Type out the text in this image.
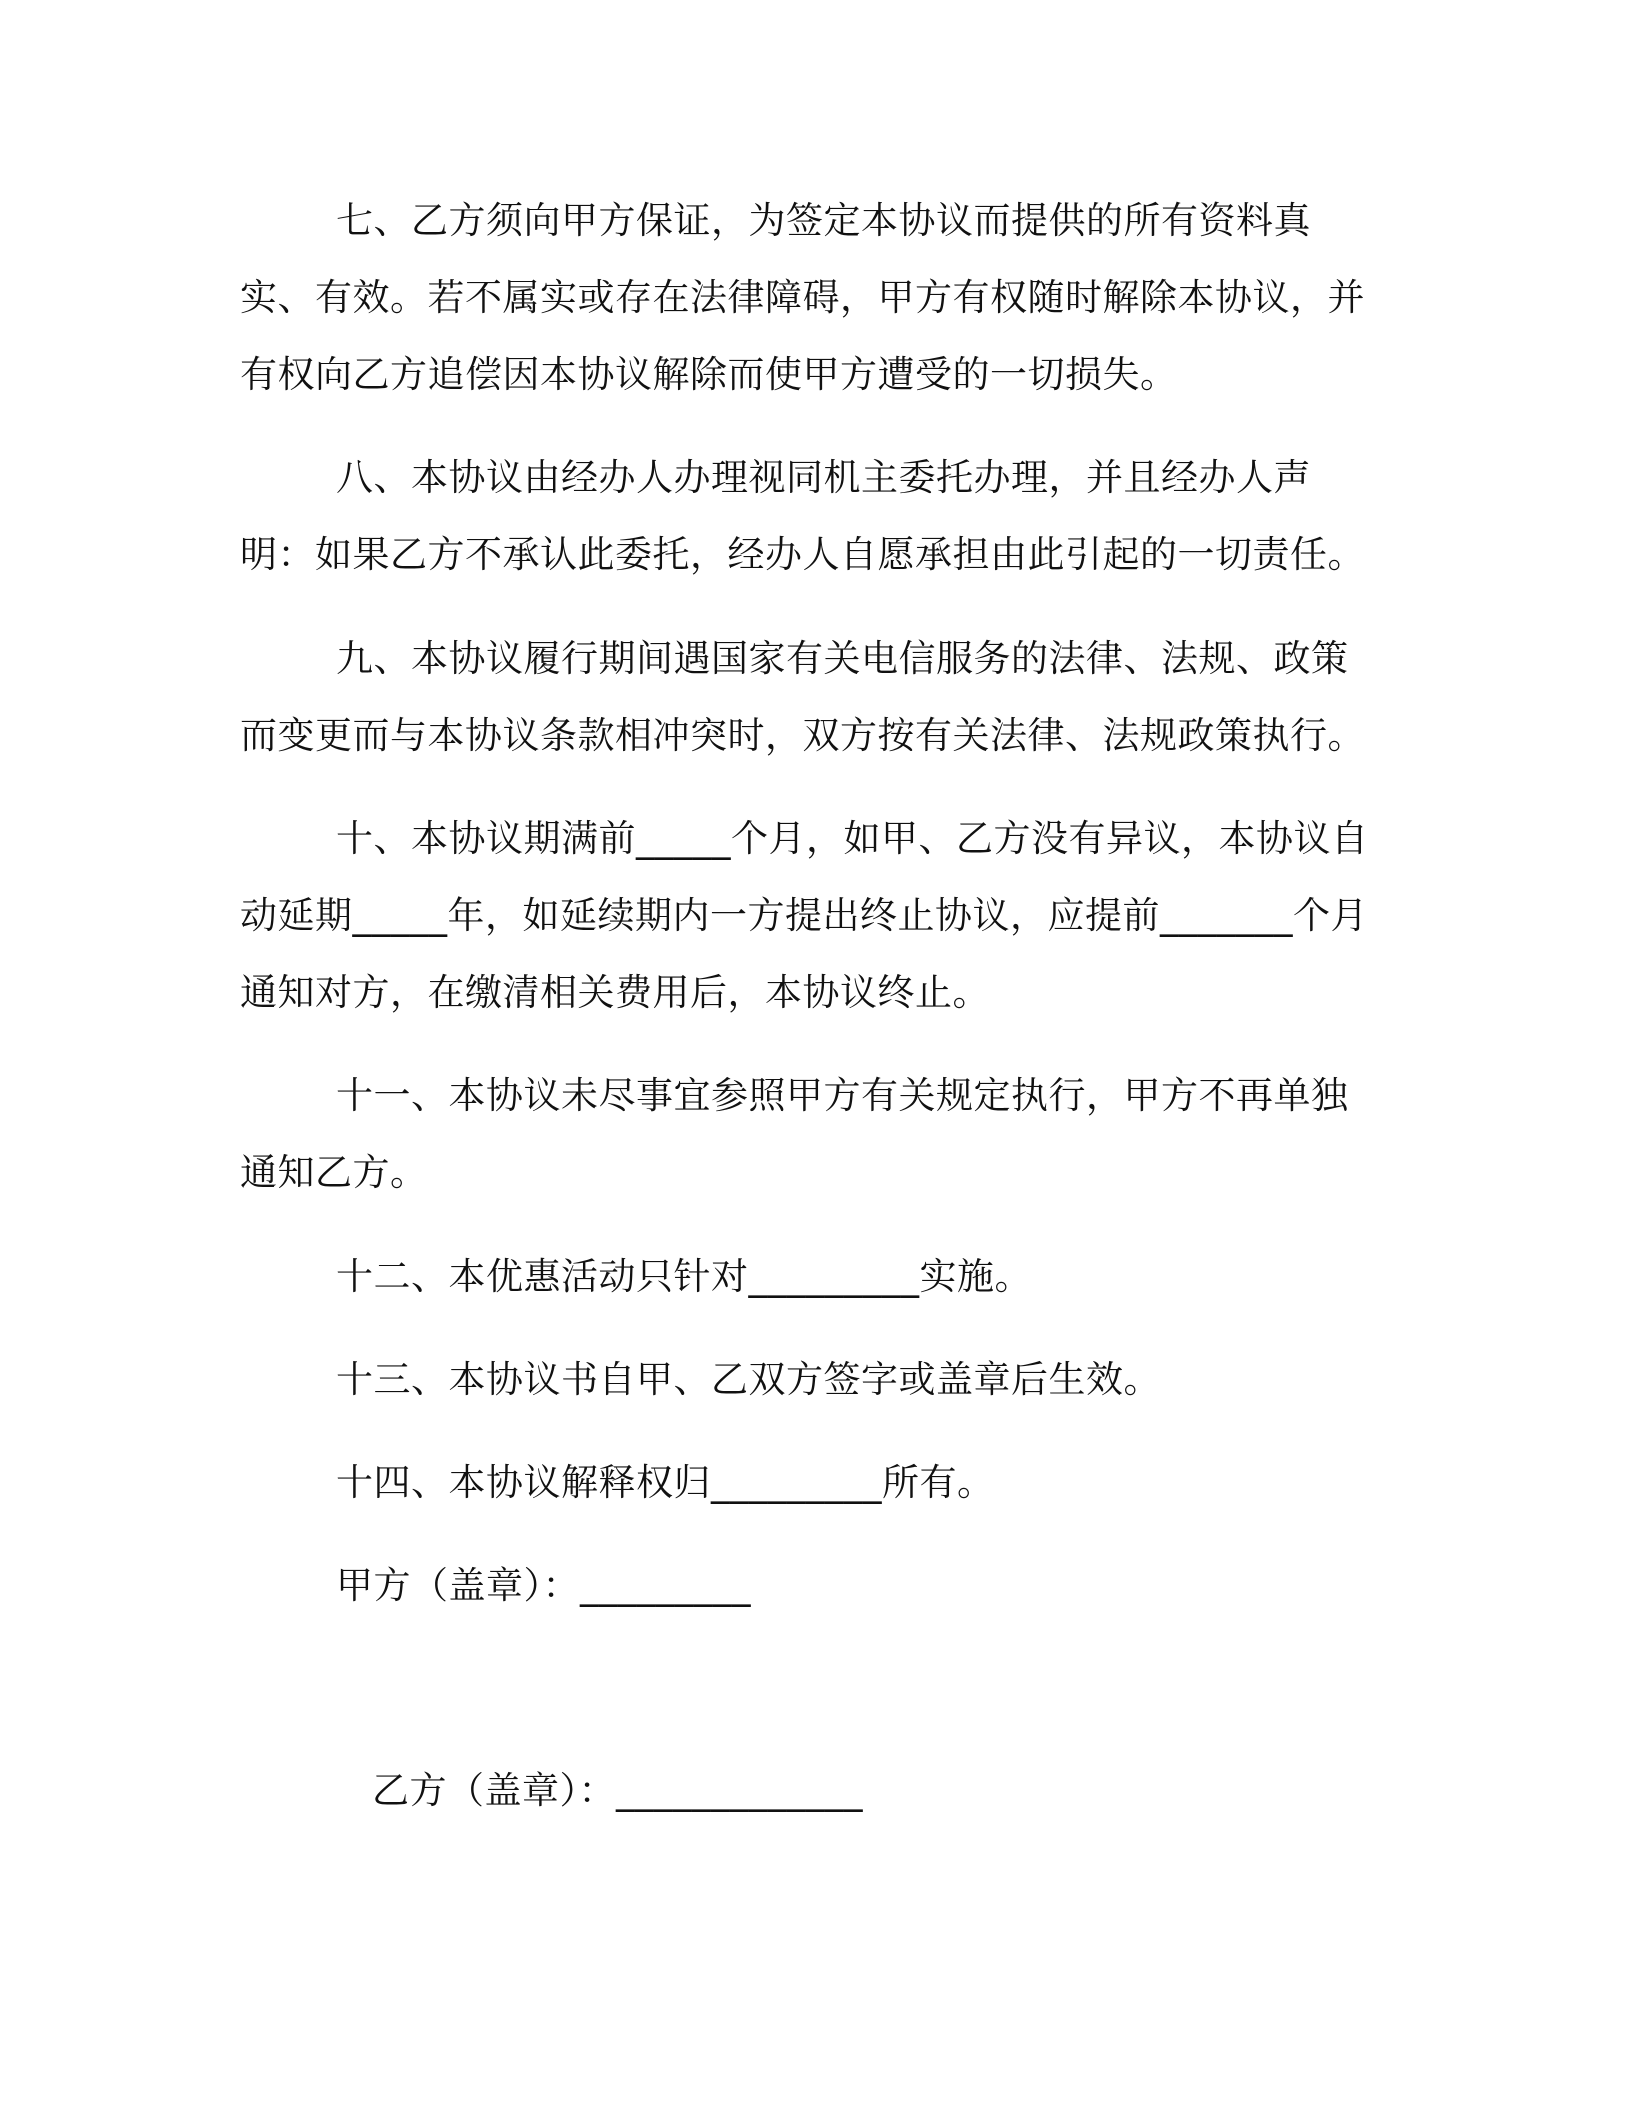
七、乙方须向甲方保证，为签定本协议而提供的所有资料真实、有效。若不属实或存在法律障碍，甲方有权随时解除本协议，并有权向乙方追偿因本协议解除而使甲方遭受的一切损失。

八、本协议由经办人办理视同机主委托办理，并且经办人声明：如果乙方不承认此委托，经办人自愿承担由此引起的一切责任。

九、本协议履行期间遇国家有关电信服务的法律、法规、政策而变更而与本协议条款相冲突时，双方按有关法律、法规政策执行。

十、本协议期满前_____个月，如甲、乙方没有异议，本协议自动延期_____年，如延续期内一方提出终止协议，应提前_______个月通知对方，在缴清相关费用后，本协议终止。

十一、本协议未尽事宜参照甲方有关规定执行，甲方不再单独通知乙方。

十二、本优惠活动只针对_________实施。

十三、本协议书自甲、乙双方签字或盖章后生效。

十四、本协议解释权归_________所有。

甲方（盖章）：_________

乙方（盖章）：_____________
